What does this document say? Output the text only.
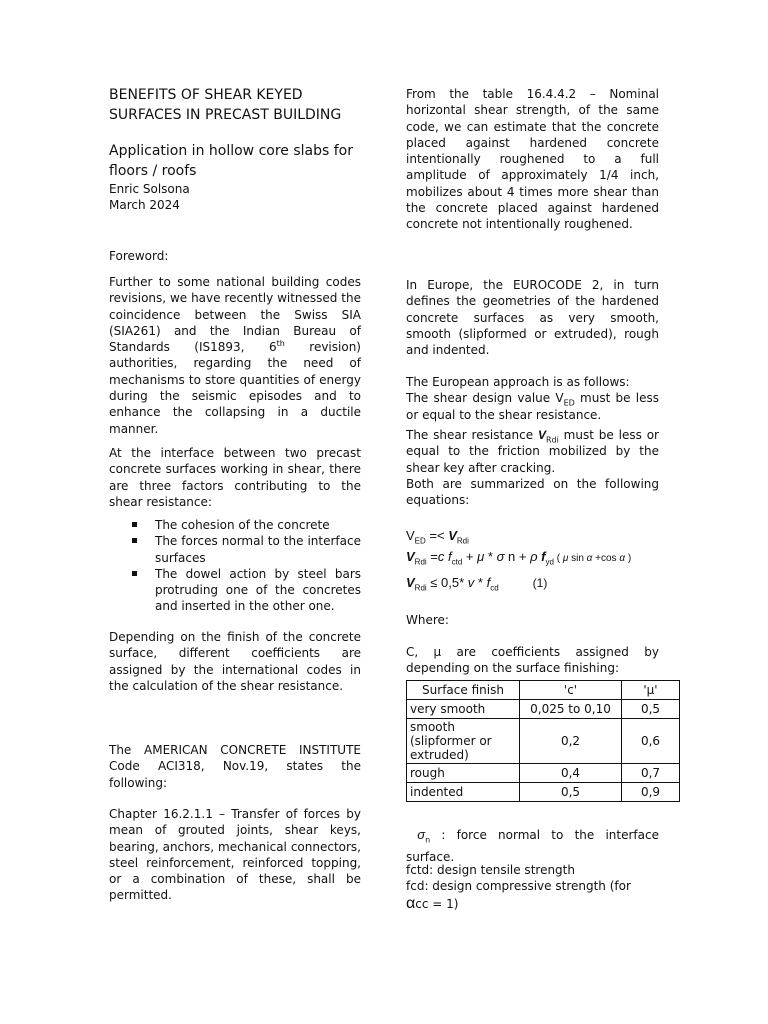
BENEFITS OF SHEAR KEYED SURFACES IN PRECAST BUILDING
Application in hollow core slabs for floors / roofs
Enric Solsona
March 2024
Foreword:

Further to some national building codes revisions, we have recently witnessed the coincidence between the Swiss SIA (SIA261) and the Indian Bureau of Standards (IS1893, 6th revision) authorities, regarding the need of mechanisms to store quantities of energy during the seismic episodes and to enhance the collapsing in a ductile manner.

At the interface between two precast concrete surfaces working in shear, there are three factors contributing to the shear resistance:

The cohesion of the concrete
The forces normal to the interface surfaces
The dowel action by steel bars protruding one of the concretes and inserted in the other one.

Depending on the finish of the concrete surface, different coefficients are assigned by the international codes in the calculation of the shear resistance.

The AMERICAN CONCRETE INSTITUTE Code ACI318, Nov.19, states the following:

Chapter 16.2.1.1 – Transfer of forces by mean of grouted joints, shear keys, bearing, anchors, mechanical connectors, steel reinforcement, reinforced topping, or a combination of these, shall be permitted.

From the table 16.4.4.2 – Nominal horizontal shear strength, of the same code, we can estimate that the concrete placed against hardened concrete intentionally roughened to a full amplitude of approximately 1/4 inch, mobilizes about 4 times more shear than the concrete placed against hardened concrete not intentionally roughened.

In Europe, the EUROCODE 2, in turn defines the geometries of the hardened concrete surfaces as very smooth, smooth (slipformed or extruded), rough and indented.

The European approach is as follows:
The shear design value $V_{ED}$ must be less or equal to the shear resistance.
The shear resistance $V_{Rdi}$ must be less or equal to the friction mobilized by the shear key after cracking.
Both are summarized on the following equations:
$V_{ED} =< V_{Rdi}$
$V_{Rdi} =c$ $f_{ctd} + \mu * \sigma$ n + ρ $f_{yd}$ ( μ sin α +cos α )
$V_{Rdi} \le 0,5*$ v * $f_{cd}$	(1)
Where:

C, μ are coefficients assigned by depending on the surface finishing:

Surface finish	'c'	'μ'
very smooth	0,025 to 0,10	0,5
smooth (slipformer or extruded)	0,2	0,6
rough	0,4	0,7
indented	0,5	0,9

$\sigma_n$ : force normal to the interface surface.

fctd: design tensile strength
fcd: design compressive strength (for
αcc = 1)
